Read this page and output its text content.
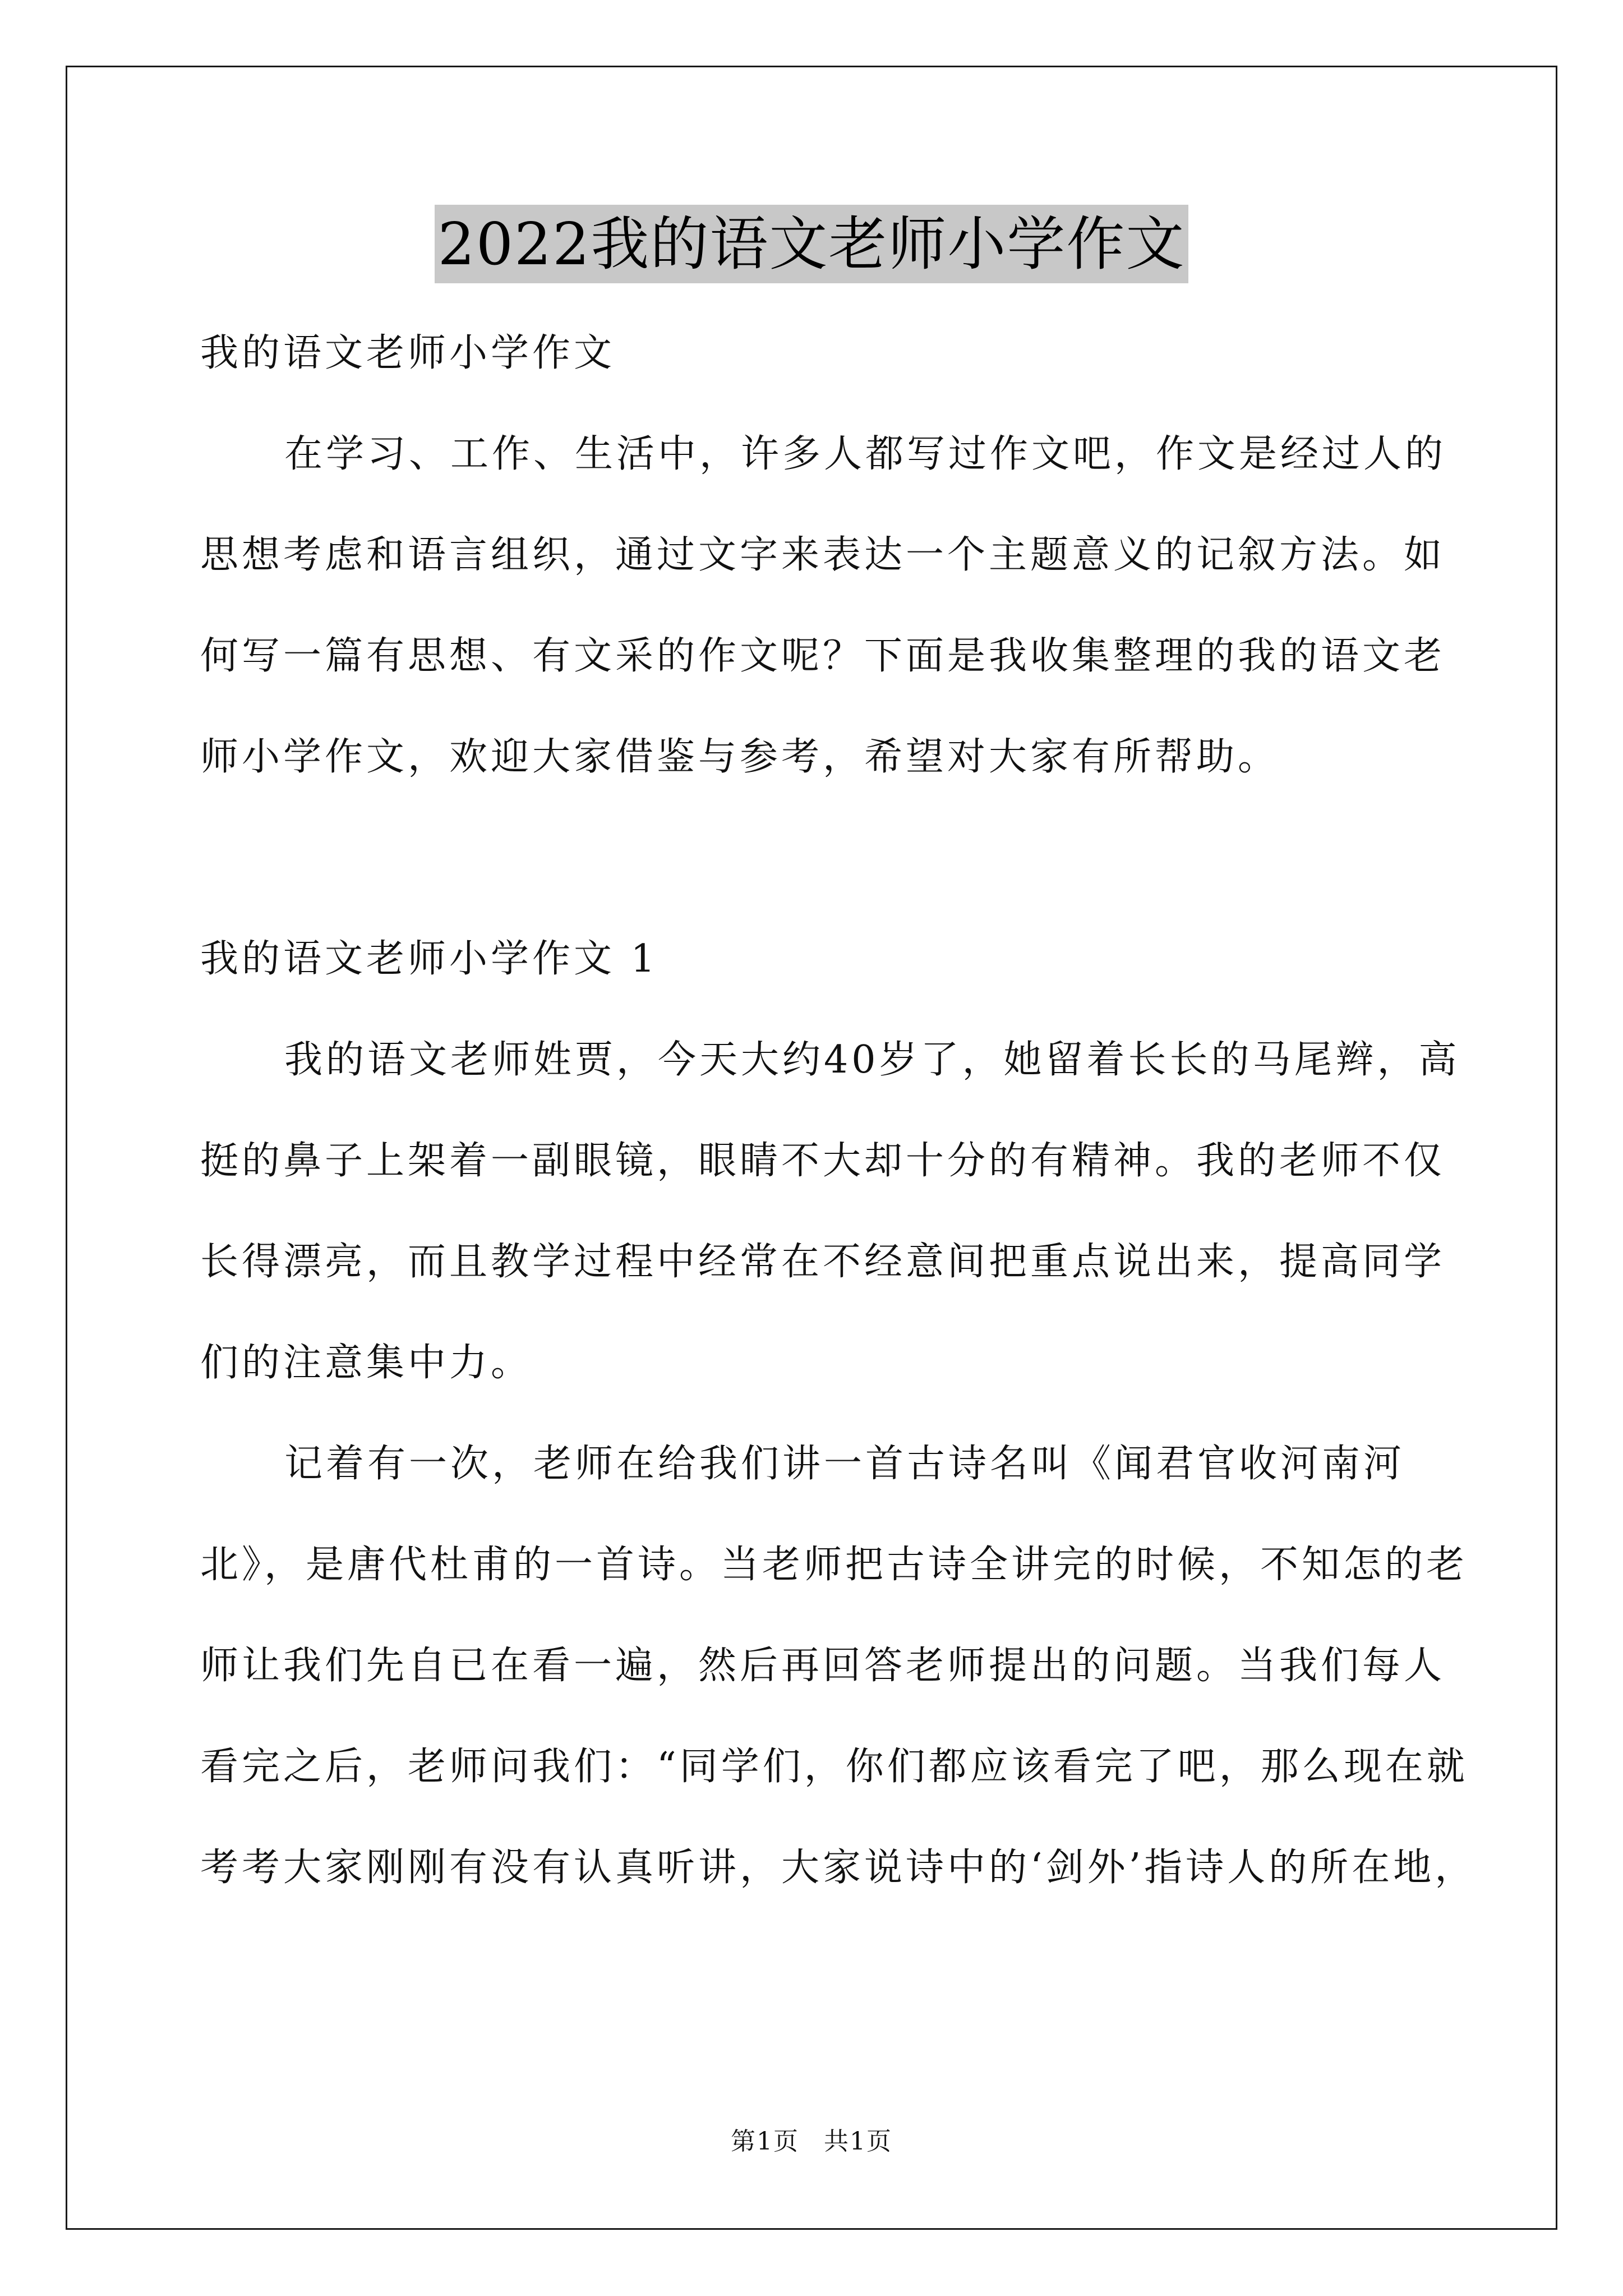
2022我的语文老师小学作文

我的语文老师小学作文

在学习、工作、生活中，许多人都写过作文吧，作文是经过人的思想考虑和语言组织，通过文字来表达一个主题意义的记叙方法。如何写一篇有思想、有文采的作文呢？下面是我收集整理的我的语文老师小学作文，欢迎大家借鉴与参考，希望对大家有所帮助。

我的语文老师小学作文 1

我的语文老师姓贾，今天大约40岁了，她留着长长的马尾辫，高挺的鼻子上架着一副眼镜，眼睛不大却十分的有精神。我的老师不仅长得漂亮，而且教学过程中经常在不经意间把重点说出来，提高同学们的注意集中力。

记着有一次，老师在给我们讲一首古诗名叫《闻君官收河南河北》，是唐代杜甫的一首诗。当老师把古诗全讲完的时候，不知怎的老师让我们先自已在看一遍，然后再回答老师提出的问题。当我们每人看完之后，老师问我们：“同学们，你们都应该看完了吧，那么现在就考考大家刚刚有没有认真听讲，大家说诗中的‘剑外’指诗人的所在地，

第1页 共1页
